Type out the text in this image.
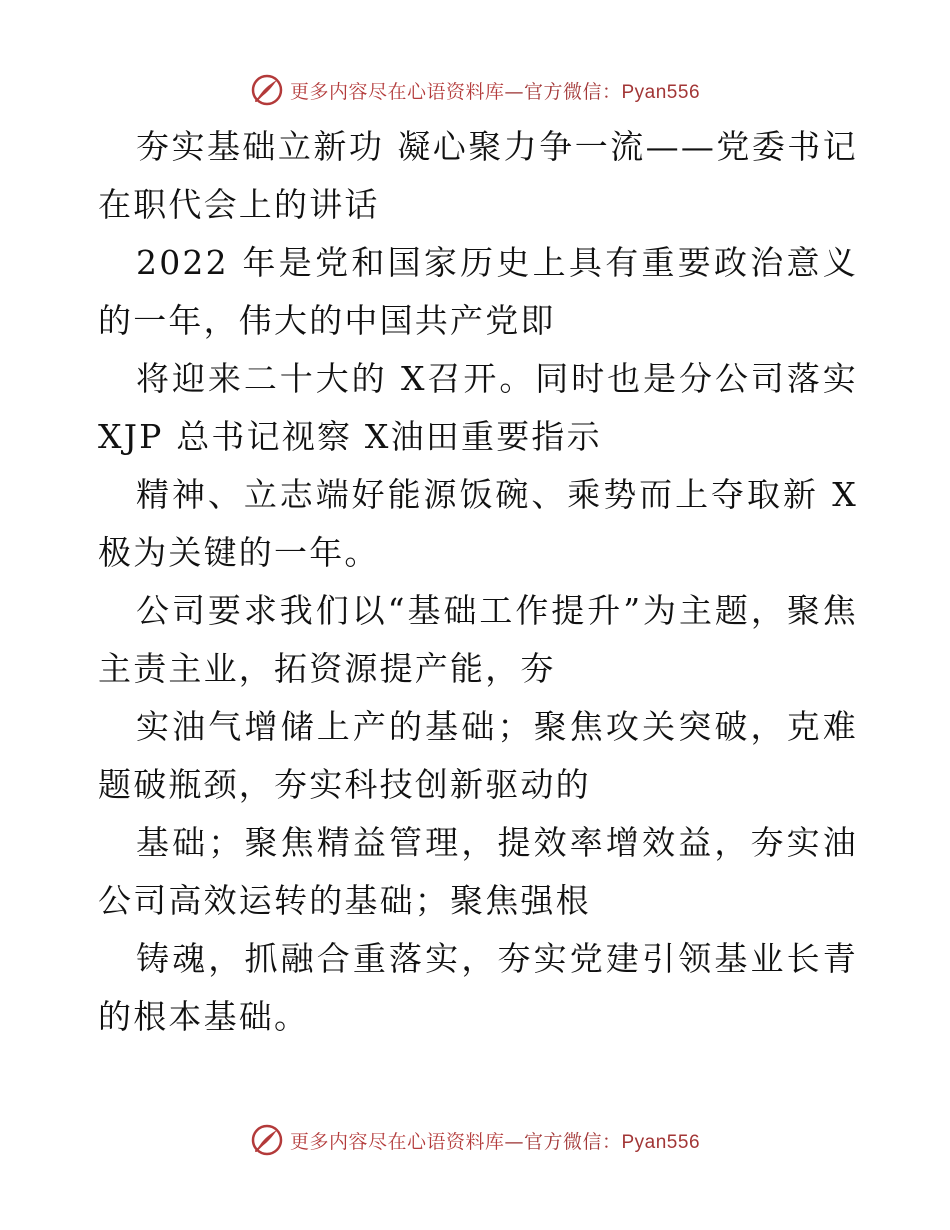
更多内容尽在心语资料库—官方微信：Pyan556

夯实基础立新功 凝心聚力争一流——党委书记在职代会上的讲话

2022 年是党和国家历史上具有重要政治意义的一年，伟大的中国共产党即

将迎来二十大的 X召开。同时也是分公司落实 XJP 总书记视察 X油田重要指示

精神、立志端好能源饭碗、乘势而上夺取新 X极为关键的一年。

公司要求我们以“基础工作提升”为主题，聚焦主责主业，拓资源提产能，夯

实油气增储上产的基础；聚焦攻关突破，克难题破瓶颈，夯实科技创新驱动的

基础；聚焦精益管理，提效率增效益，夯实油公司高效运转的基础；聚焦强根

铸魂，抓融合重落实，夯实党建引领基业长青的根本基础。

更多内容尽在心语资料库—官方微信：Pyan556
